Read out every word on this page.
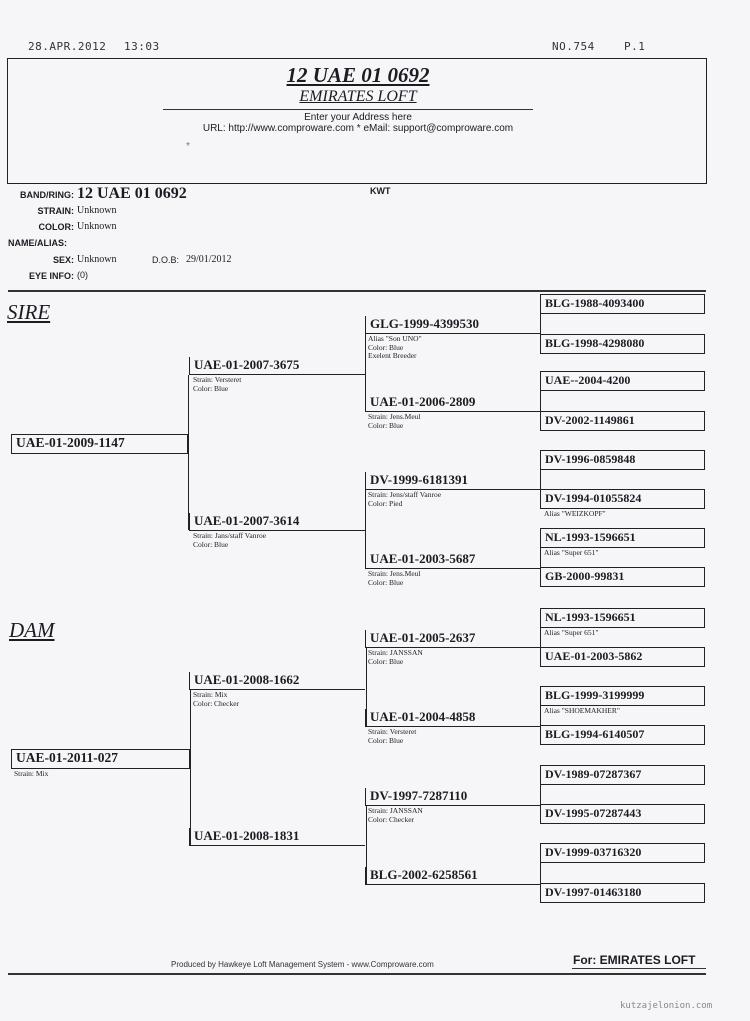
28.APR.2012 13:03	NO.754	P.1
12 UAE 01 0692
EMIRATES LOFT
Enter your Address here
URL: http://www.comproware.com * eMail: support@comproware.com
*
BAND/RING: 12 UAE 01 0692	KWT
STRAIN: Unknown
COLOR: Unknown
NAME/ALIAS:
SEX: Unknown	D.O.B: 29/01/2012
EYE INFO: (0)
SIRE
DAM
UAE-01-2009-1147
UAE-01-2011-027
Strain: Mix
UAE-01-2007-3675
Strain: Versteret
Color: Blue
UAE-01-2007-3614
Strain: Jans/staff Vanroe
Color: Blue
UAE-01-2008-1662
Strain: Mix
Color: Checker
UAE-01-2008-1831
GLG-1999-4399530
Alias "Son UNO"
Color: Blue
Exelent Breeder
UAE-01-2006-2809
Strain: Jens.Meul
Color: Blue
DV-1999-6181391
Strain: Jens/staff Vanroe
Color: Pied
UAE-01-2003-5687
Strain: Jens.Meul
Color: Blue
UAE-01-2005-2637
Strain: JANSSAN
Color: Blue
UAE-01-2004-4858
Strain: Versteret
Color: Blue
DV-1997-7287110
Strain: JANSSAN
Color: Checker
BLG-2002-6258561
BLG-1988-4093400
BLG-1998-4298080
UAE--2004-4200
DV-2002-1149861
DV-1996-0859848
DV-1994-01055824
Alias "WEIZKOPF"
NL-1993-1596651
Alias "Super 651"
GB-2000-99831
NL-1993-1596651
Alias "Super 651"
UAE-01-2003-5862
BLG-1999-3199999
Alias "SHOEMAKHER"
BLG-1994-6140507
DV-1989-07287367
DV-1995-07287443
DV-1999-03716320
DV-1997-01463180
Produced by Hawkeye Loft Management System - www.Comproware.com	For: EMIRATES LOFT
kutzajelonion.com
